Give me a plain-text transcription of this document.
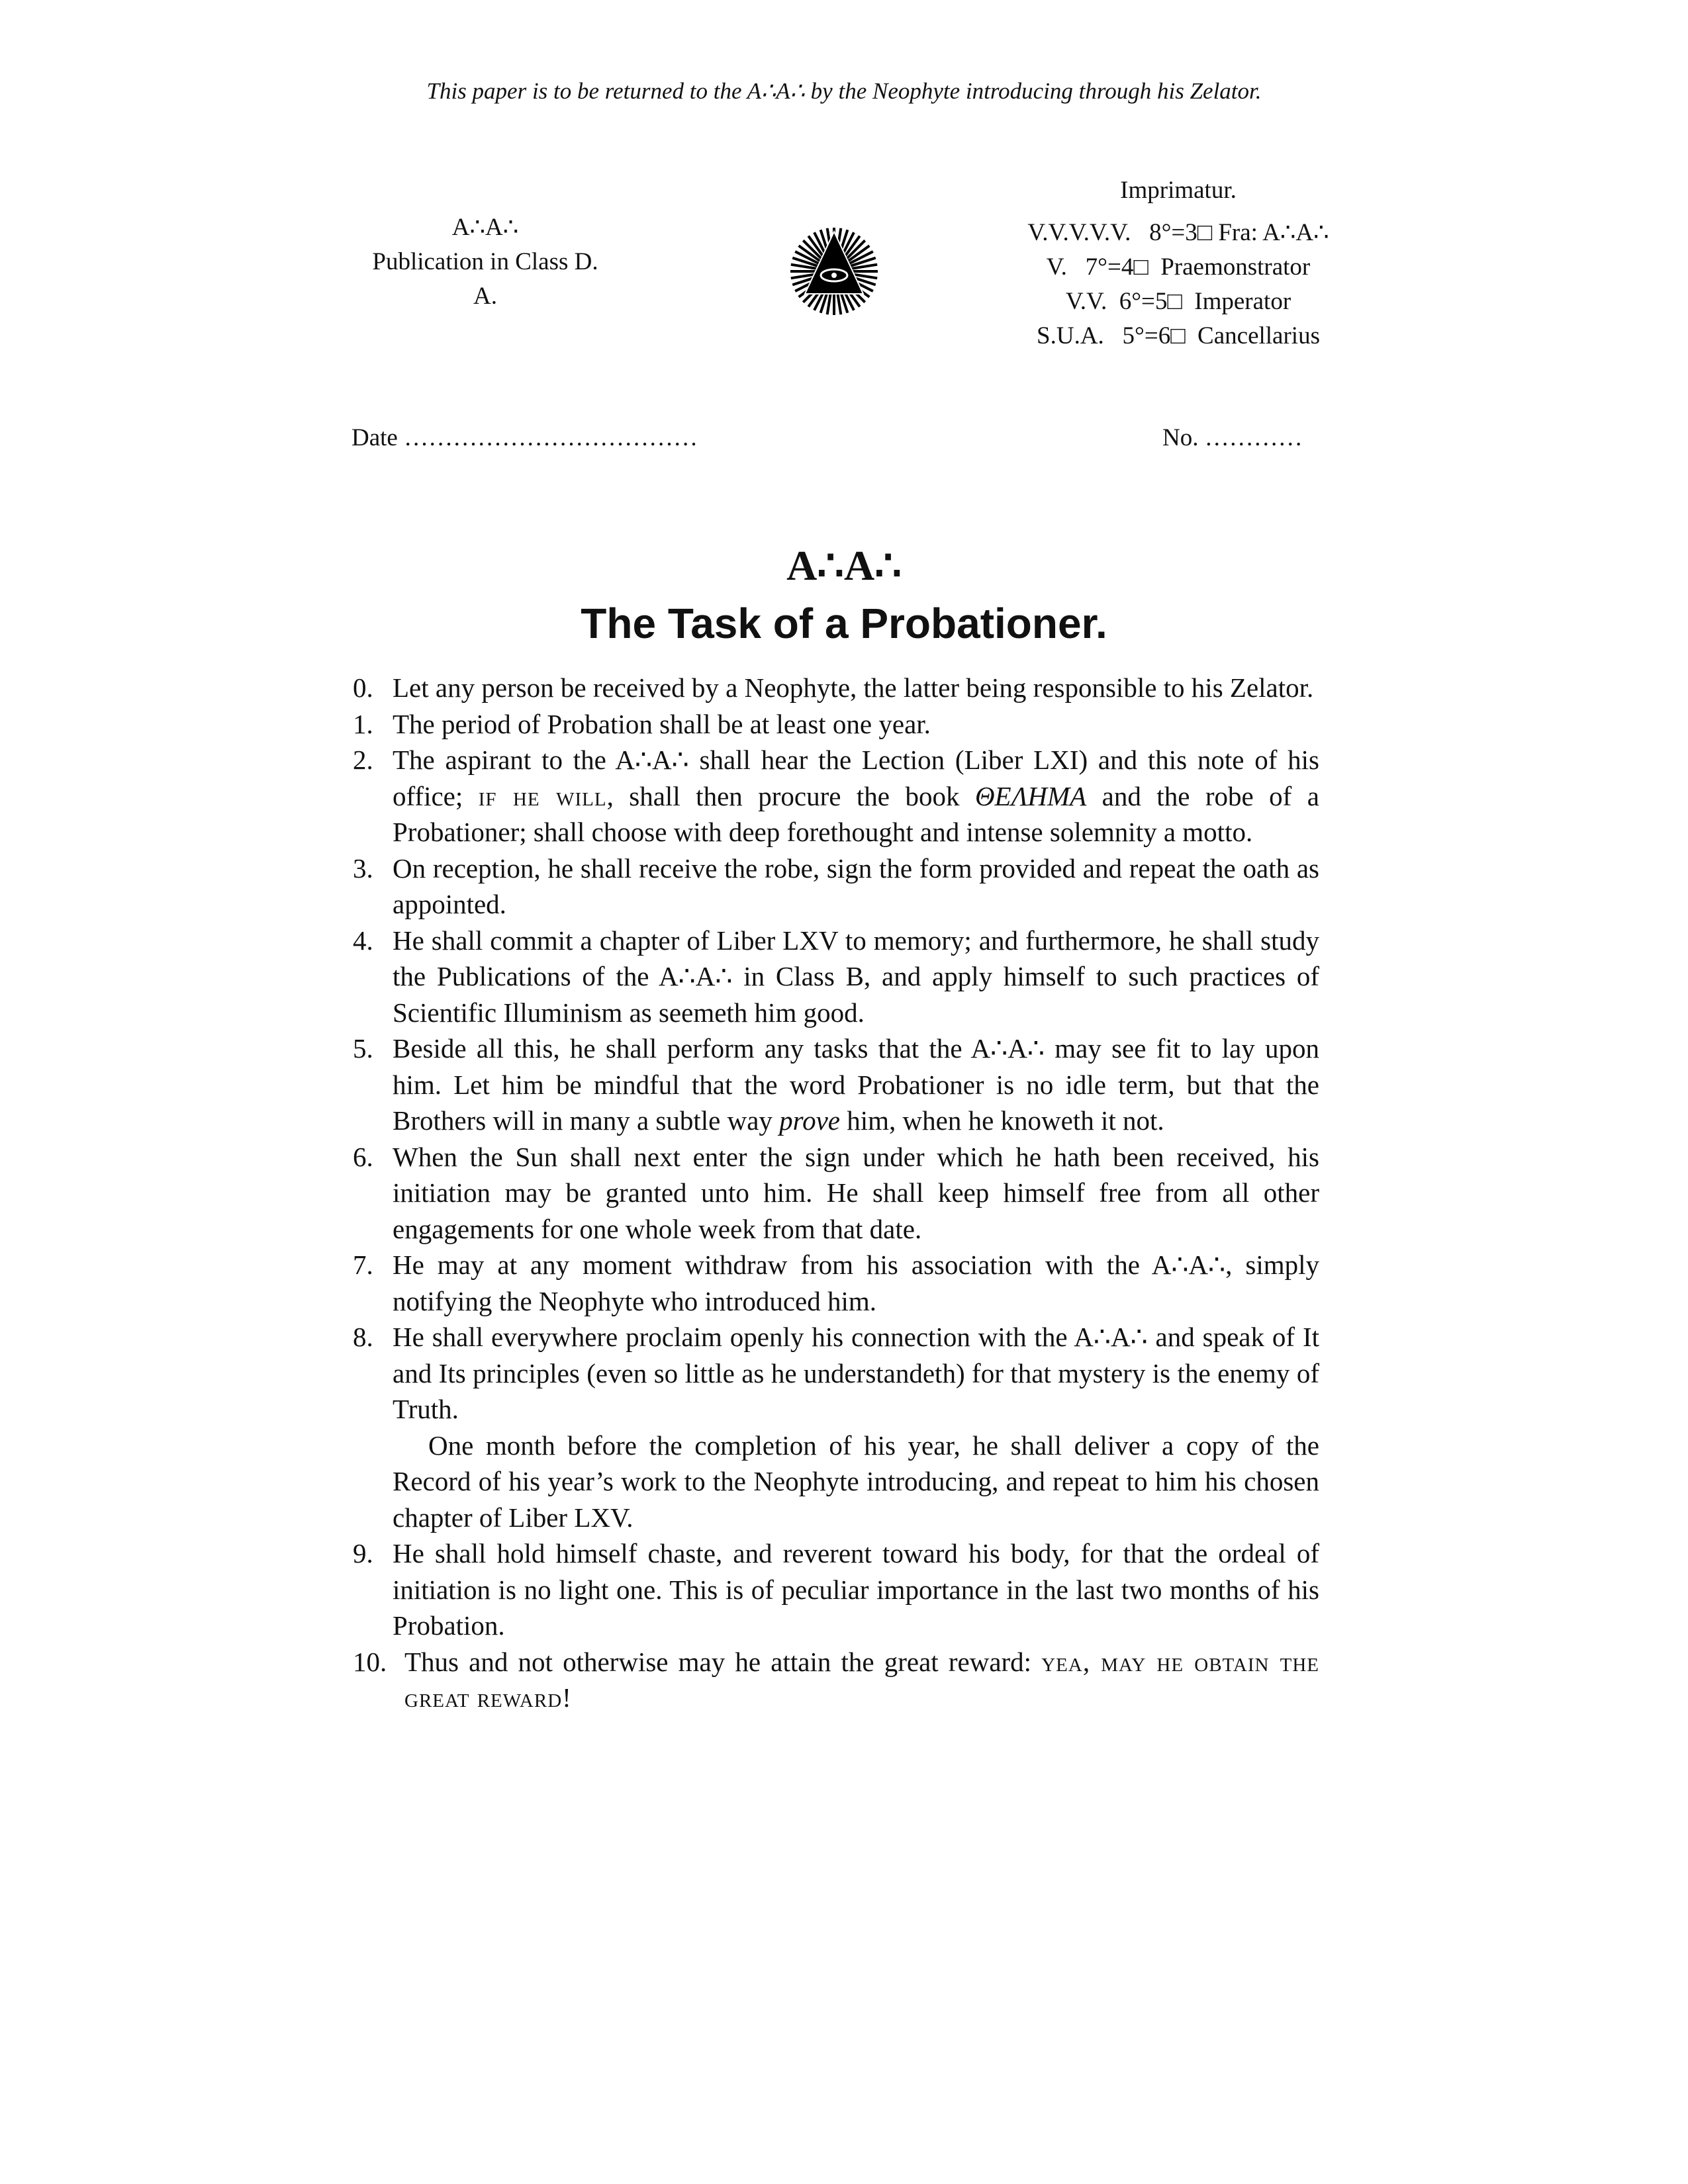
This paper is to be returned to the A∴A∴ by the Neophyte introducing through his Zelator.
A∴A∴
Publication in Class D.
A.
Imprimatur.
V.V.V.V.V.   8°=3□ Fra: A∴A∴
V.   7°=4□  Praemonstrator
V.V.  6°=5□  Imperator
S.U.A.   5°=6□  Cancellarius
Date ………………………………	No. …………
A∴A∴
The Task of a Probationer.
0. Let any person be received by a Neophyte, the latter being responsible to his Zelator.
1. The period of Probation shall be at least one year.
2. The aspirant to the A∴A∴ shall hear the Lection (Liber LXI) and this note of his office; if he will, shall then procure the book ΘΕΛΗΜΑ and the robe of a Probationer; shall choose with deep forethought and intense solemnity a motto.
3. On reception, he shall receive the robe, sign the form provided and repeat the oath as appointed.
4. He shall commit a chapter of Liber LXV to memory; and furthermore, he shall study the Publications of the A∴A∴ in Class B, and apply himself to such practices of Scientific Illuminism as seemeth him good.
5. Beside all this, he shall perform any tasks that the A∴A∴ may see fit to lay upon him. Let him be mindful that the word Probationer is no idle term, but that the Brothers will in many a subtle way prove him, when he knoweth it not.
6. When the Sun shall next enter the sign under which he hath been received, his initiation may be granted unto him. He shall keep himself free from all other engagements for one whole week from that date.
7. He may at any moment withdraw from his association with the A∴A∴, simply notifying the Neophyte who introduced him.
8. He shall everywhere proclaim openly his connection with the A∴A∴ and speak of It and Its principles (even so little as he understandeth) for that mystery is the enemy of Truth.
One month before the completion of his year, he shall deliver a copy of the Record of his year’s work to the Neophyte introducing, and repeat to him his chosen chapter of Liber LXV.
9. He shall hold himself chaste, and reverent toward his body, for that the ordeal of initiation is no light one. This is of peculiar importance in the last two months of his Probation.
10. Thus and not otherwise may he attain the great reward: yea, may he obtain the great reward!
